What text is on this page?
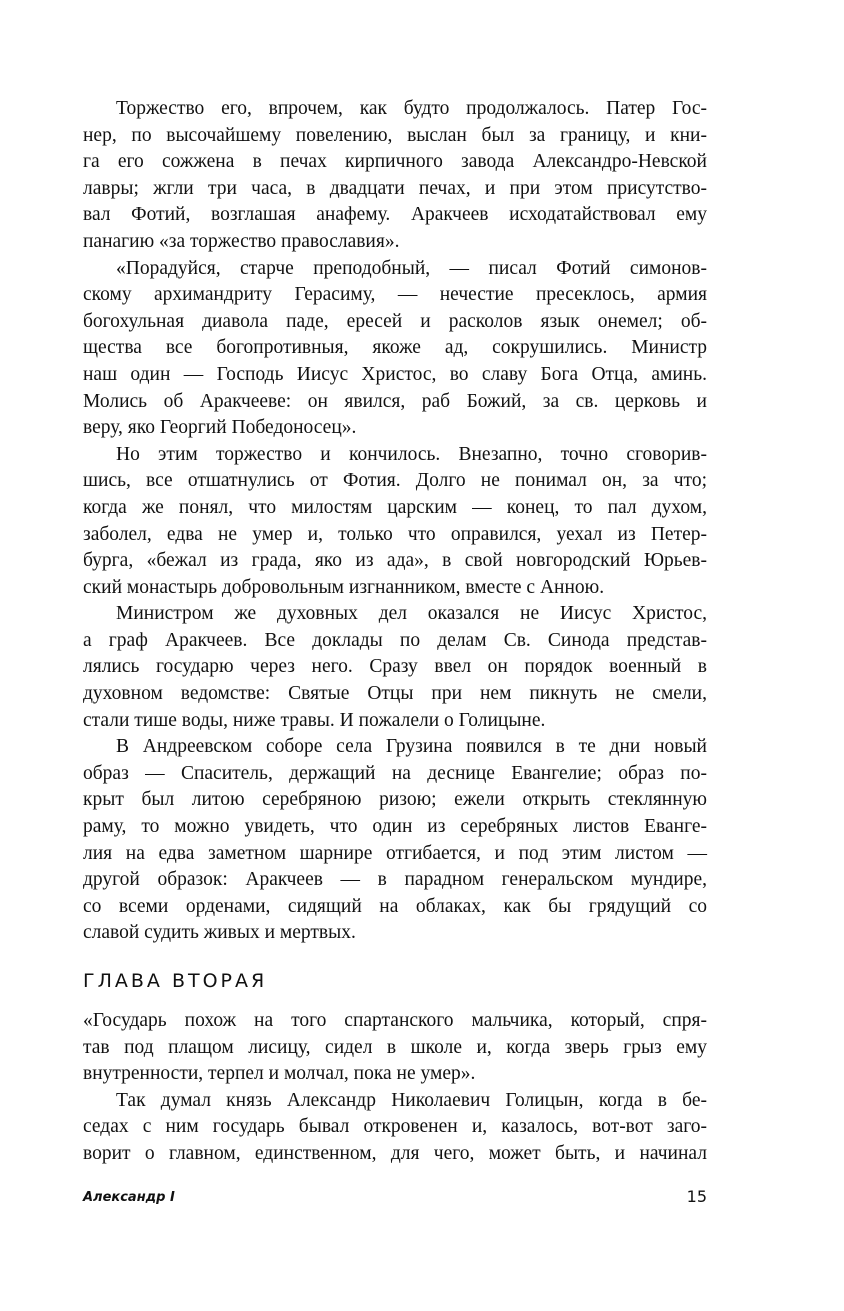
Торжество его, впрочем, как будто продолжалось. Патер Гос-
нер, по высочайшему повелению, выслан был за границу, и кни-
га его сожжена в печах кирпичного завода Александро-Невской
лавры; жгли три часа, в двадцати печах, и при этом присутство-
вал Фотий, возглашая анафему. Аракчеев исходатайствовал ему
панагию «за торжество православия».
«Порадуйся, старче преподобный, — писал Фотий симонов-
скому архимандриту Герасиму, — нечестие пресеклось, армия
богохульная диавола паде, ересей и расколов язык онемел; об-
щества все богопротивныя, якоже ад, сокрушились. Министр
наш один — Господь Иисус Христос, во славу Бога Отца, аминь.
Молись об Аракчееве: он явился, раб Божий, за св. церковь и
веру, яко Георгий Победоносец».
Но этим торжество и кончилось. Внезапно, точно сговорив-
шись, все отшатнулись от Фотия. Долго не понимал он, за что;
когда же понял, что милостям царским — конец, то пал духом,
заболел, едва не умер и, только что оправился, уехал из Петер-
бурга, «бежал из града, яко из ада», в свой новгородский Юрьев-
ский монастырь добровольным изгнанником, вместе с Анною.
Министром же духовных дел оказался не Иисус Христос,
а граф Аракчеев. Все доклады по делам Св. Синода представ-
лялись государю через него. Сразу ввел он порядок военный в
духовном ведомстве: Святые Отцы при нем пикнуть не смели,
стали тише воды, ниже травы. И пожалели о Голицыне.
В Андреевском соборе села Грузина появился в те дни новый
образ — Спаситель, держащий на деснице Евангелие; образ по-
крыт был литою серебряною ризою; ежели открыть стеклянную
раму, то можно увидеть, что один из серебряных листов Еванге-
лия на едва заметном шарнире отгибается, и под этим листом —
другой образок: Аракчеев — в парадном генеральском мундире,
со всеми орденами, сидящий на облаках, как бы грядущий со
славой судить живых и мертвых.
ГЛАВА ВТОРАЯ
«Государь похож на того спартанского мальчика, который, спря-
тав под плащом лисицу, сидел в школе и, когда зверь грыз ему
внутренности, терпел и молчал, пока не умер».
Так думал князь Александр Николаевич Голицын, когда в бе-
седах с ним государь бывал откровенен и, казалось, вот-вот заго-
ворит о главном, единственном, для чего, может быть, и начинал
Александр I	15
